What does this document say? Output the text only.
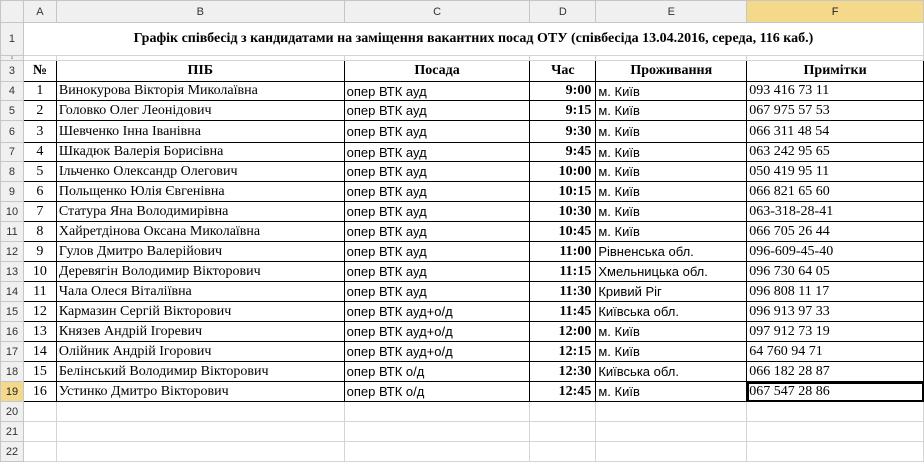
	A	B	C	D	E	F
1	Графік співбесід з кандидатами на заміщення вакантних посад ОТУ (співбесіда 13.04.2016, середа, 116 каб.)					
2						
3	№	ПІБ	Посада	Час	Проживання	Примітки
4	1	Винокурова Вікторія Миколаївна	опер ВТК ауд	9:00	м. Київ	093 416 73 11
5	2	Головко Олег Леонідович	опер ВТК ауд	9:15	м. Київ	067 975 57 53
6	3	Шевченко Інна Іванівна	опер ВТК ауд	9:30	м. Київ	066 311 48 54
7	4	Шкадюк Валерія Борисівна	опер ВТК ауд	9:45	м. Київ	063 242 95 65
8	5	Ільченко Олександр Олегович	опер ВТК ауд	10:00	м. Київ	050 419 95 11
9	6	Польщенко Юлія Євгенівна	опер ВТК ауд	10:15	м. Київ	066 821 65 60
10	7	Статура Яна Володимирівна	опер ВТК ауд	10:30	м. Київ	063-318-28-41
11	8	Хайретдінова Оксана Миколаївна	опер ВТК ауд	10:45	м. Київ	066 705 26 44
12	9	Гулов Дмитро Валерійович	опер ВТК ауд	11:00	Рівненська обл.	096-609-45-40
13	10	Деревягін Володимир Вікторович	опер ВТК ауд	11:15	Хмельницька обл.	096 730 64 05
14	11	Чала Олеся Віталіївна	опер ВТК ауд	11:30	Кривий Ріг	096 808 11 17
15	12	Кармазин Сергій Вікторович	опер ВТК ауд+о/д	11:45	Київська обл.	096 913 97 33
16	13	Князев Андрій Ігоревич	опер ВТК ауд+о/д	12:00	м. Київ	097 912 73 19
17	14	Олійник Андрій Ігорович	опер ВТК ауд+о/д	12:15	м. Київ	64 760 94 71
18	15	Белінський Володимир Вікторович	опер ВТК о/д	12:30	Київська обл.	066 182 28 87
19	16	Устинко Дмитро Вікторович	опер ВТК о/д	12:45	м. Київ	067 547 28 86
20						
21						
22						
